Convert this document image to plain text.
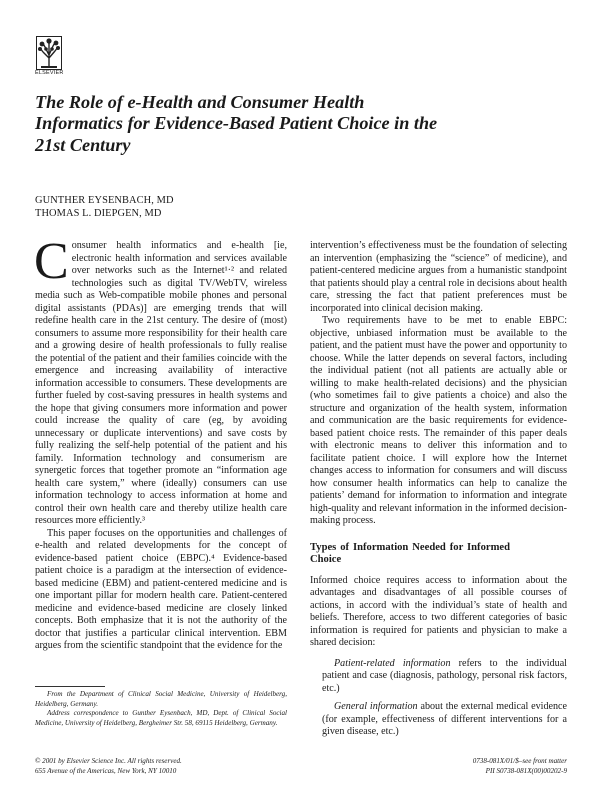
ELSEVIER
The Role of e-Health and Consumer Health Informatics for Evidence-Based Patient Choice in the 21st Century
GUNTHER EYSENBACH, MD
THOMAS L. DIEPGEN, MD

Consumer health informatics and e-health [ie, electronic health information and services available over networks such as the Internet¹·² and related technologies such as digital TV/WebTV, wireless media such as Web-compatible mobile phones and personal digital assistants (PDAs)] are emerging trends that will redefine health care in the 21st century. The desire of (most) consumers to assume more responsibility for their health care and a growing desire of health professionals to fully realise the potential of the patient and their families coincide with the emergence and increasing availability of interactive information accessible to consumers. These developments are further fueled by cost-saving pressures in health systems and the hope that giving consumers more information and power could increase the quality of care (eg, by avoiding unnecessary or duplicate interventions) and save costs by fully realizing the self-help potential of the patient and his family. Information technology and consumerism are synergetic forces that together promote an “information age health care system,” where (ideally) consumers can use information technology to access information at home and control their own health care and thereby utilize health care resources more efficiently.³

This paper focuses on the opportunities and challenges of e-health and related developments for the concept of evidence-based patient choice (EBPC).⁴ Evidence-based patient choice is a paradigm at the intersection of evidence-based medicine (EBM) and patient-centered medicine and is one important pillar for modern health care. Patient-centered medicine and evidence-based medicine are closely linked concepts. Both emphasize that it is not the authority of the doctor that justifies a particular clinical intervention. EBM argues from the scientific standpoint that the evidence for the

intervention’s effectiveness must be the foundation of selecting an intervention (emphasizing the “science” of medicine), and patient-centered medicine argues from a humanistic standpoint that patients should play a central role in decisions about health care, stressing the fact that patient preferences must be incorporated into clinical decision making.

Two requirements have to be met to enable EBPC: objective, unbiased information must be available to the patient, and the patient must have the power and opportunity to choose. While the latter depends on several factors, including the individual patient (not all patients are actually able or willing to make health-related decisions) and the physician (who sometimes fail to give patients a choice) and also the structure and organization of the health system, information and communication are the basic requirements for evidence-based patient choice rests. The remainder of this paper deals with electronic means to deliver this information and to facilitate patient choice. I will explore how the Internet changes access to information for consumers and will discuss how consumer health informatics can help to canalize the patients’ demand for information to information and integrate high-quality and relevant information in the informed decision-making process.

Types of Information Needed for Informed Choice

Informed choice requires access to information about the advantages and disadvantages of all possible courses of actions, in accord with the individual’s state of health and beliefs. Therefore, access to two different categories of basic information is required for patients and physician to make a shared decision:

Patient-related information refers to the individual patient and case (diagnosis, pathology, personal risk factors, etc.)

General information about the external medical evidence (for example, effectiveness of different interventions for a given disease, etc.)

From the Department of Clinical Social Medicine, University of Heidelberg, Heidelberg, Germany.

Address correspondence to Gunther Eysenbach, MD, Dept. of Clinical Social Medicine, University of Heidelberg, Bergheimer Str. 58, 69115 Heidelberg, Germany.

© 2001 by Elsevier Science Inc. All rights reserved.
655 Avenue of the Americas, New York, NY 10010
0738-081X/01/$–see front matter
PII S0738-081X(00)00202-9
